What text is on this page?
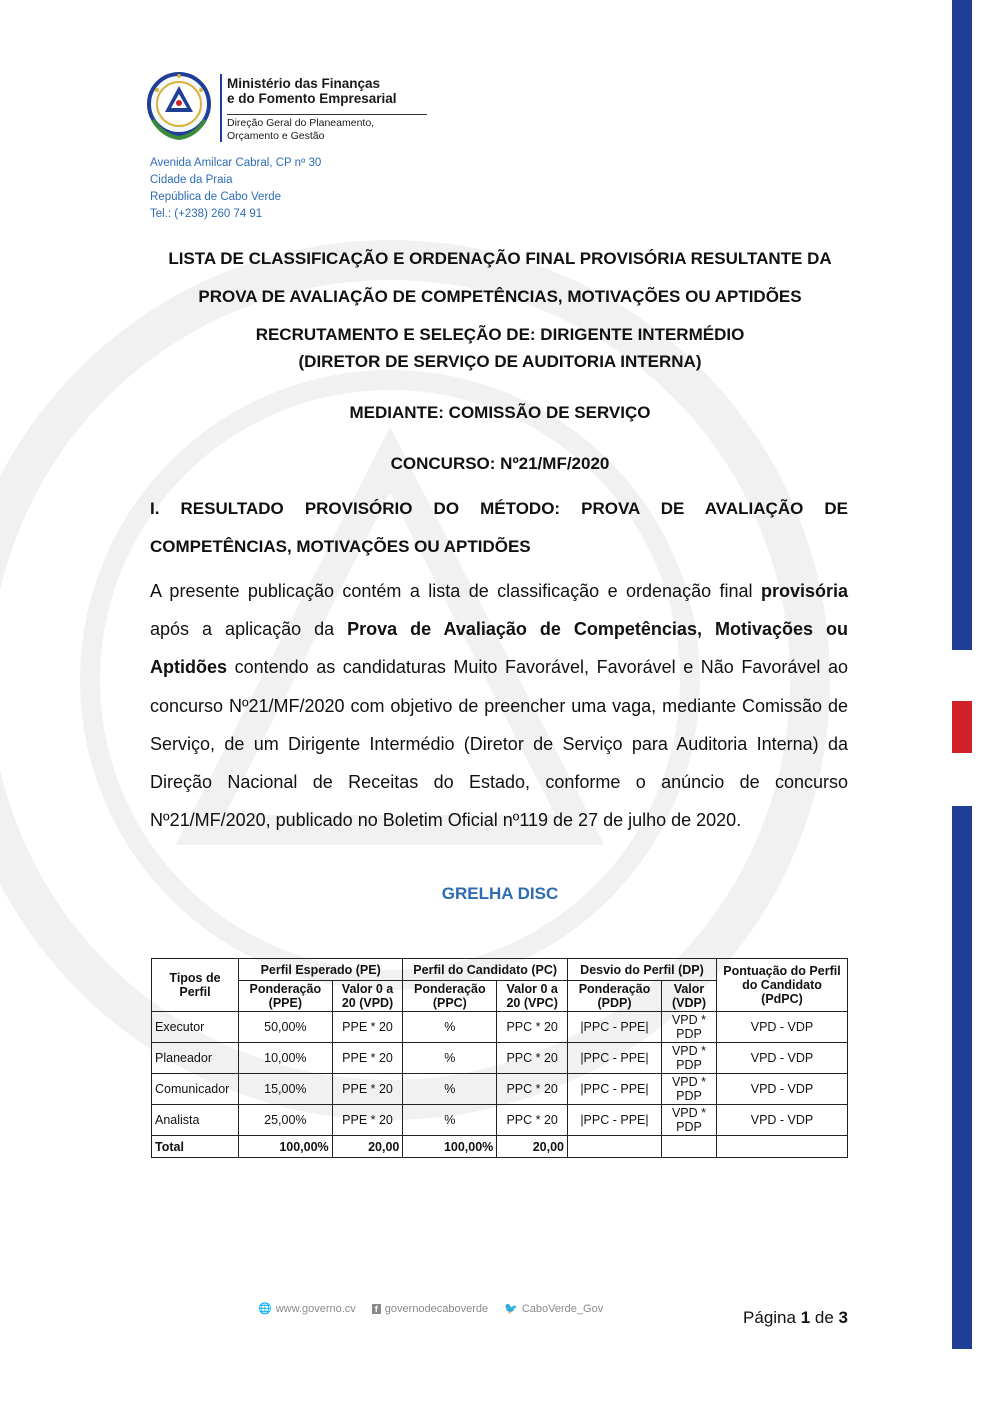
Ministério das Finanças
e do Fomento Empresarial
Direção Geral do Planeamento,
Orçamento e Gestão
Avenida Amilcar Cabral, CP nº 30
Cidade da Praia
República de Cabo Verde
Tel.: (+238) 260 74 91
LISTA DE CLASSIFICAÇÃO E ORDENAÇÃO FINAL PROVISÓRIA RESULTANTE DA
PROVA DE AVALIAÇÃO DE COMPETÊNCIAS, MOTIVAÇÕES OU APTIDÕES
RECRUTAMENTO E SELEÇÃO DE: DIRIGENTE INTERMÉDIO
(DIRETOR DE SERVIÇO DE AUDITORIA INTERNA)
MEDIANTE: COMISSÃO DE SERVIÇO
CONCURSO: Nº21/MF/2020
I. RESULTADO PROVISÓRIO DO MÉTODO: PROVA DE AVALIAÇÃO DE COMPETÊNCIAS, MOTIVAÇÕES OU APTIDÕES
A presente publicação contém a lista de classificação e ordenação final provisória após a aplicação da Prova de Avaliação de Competências, Motivações ou Aptidões contendo as candidaturas Muito Favorável, Favorável e Não Favorável ao concurso Nº21/MF/2020 com objetivo de preencher uma vaga, mediante Comissão de Serviço, de um Dirigente Intermédio (Diretor de Serviço para Auditoria Interna) da Direção Nacional de Receitas do Estado, conforme o anúncio de concurso Nº21/MF/2020, publicado no Boletim Oficial nº119 de 27 de julho de 2020.
GRELHA DISC
Tipos de Perfil	Perfil Esperado (PE)		Perfil do Candidato (PC)		Desvio do Perfil (DP)		Pontuação do Perfil do Candidato (PdPC)
	Ponderação (PPE)	Valor 0 a 20 (VPD)	Ponderação (PPC)	Valor 0 a 20 (VPC)	Ponderação (PDP)	Valor (VDP)	
Executor	50,00%	PPE * 20	%	PPC * 20	|PPC - PPE|	VPD * PDP	VPD - VDP
Planeador	10,00%	PPE * 20	%	PPC * 20	|PPC - PPE|	VPD * PDP	VPD - VDP
Comunicador	15,00%	PPE * 20	%	PPC * 20	|PPC - PPE|	VPD * PDP	VPD - VDP
Analista	25,00%	PPE * 20	%	PPC * 20	|PPC - PPE|	VPD * PDP	VPD - VDP
Total	100,00%	20,00	100,00%	20,00			
🌐 www.governo.cv	f governodecaboverde 🐦 CaboVerde_Gov	Página 1 de 3
